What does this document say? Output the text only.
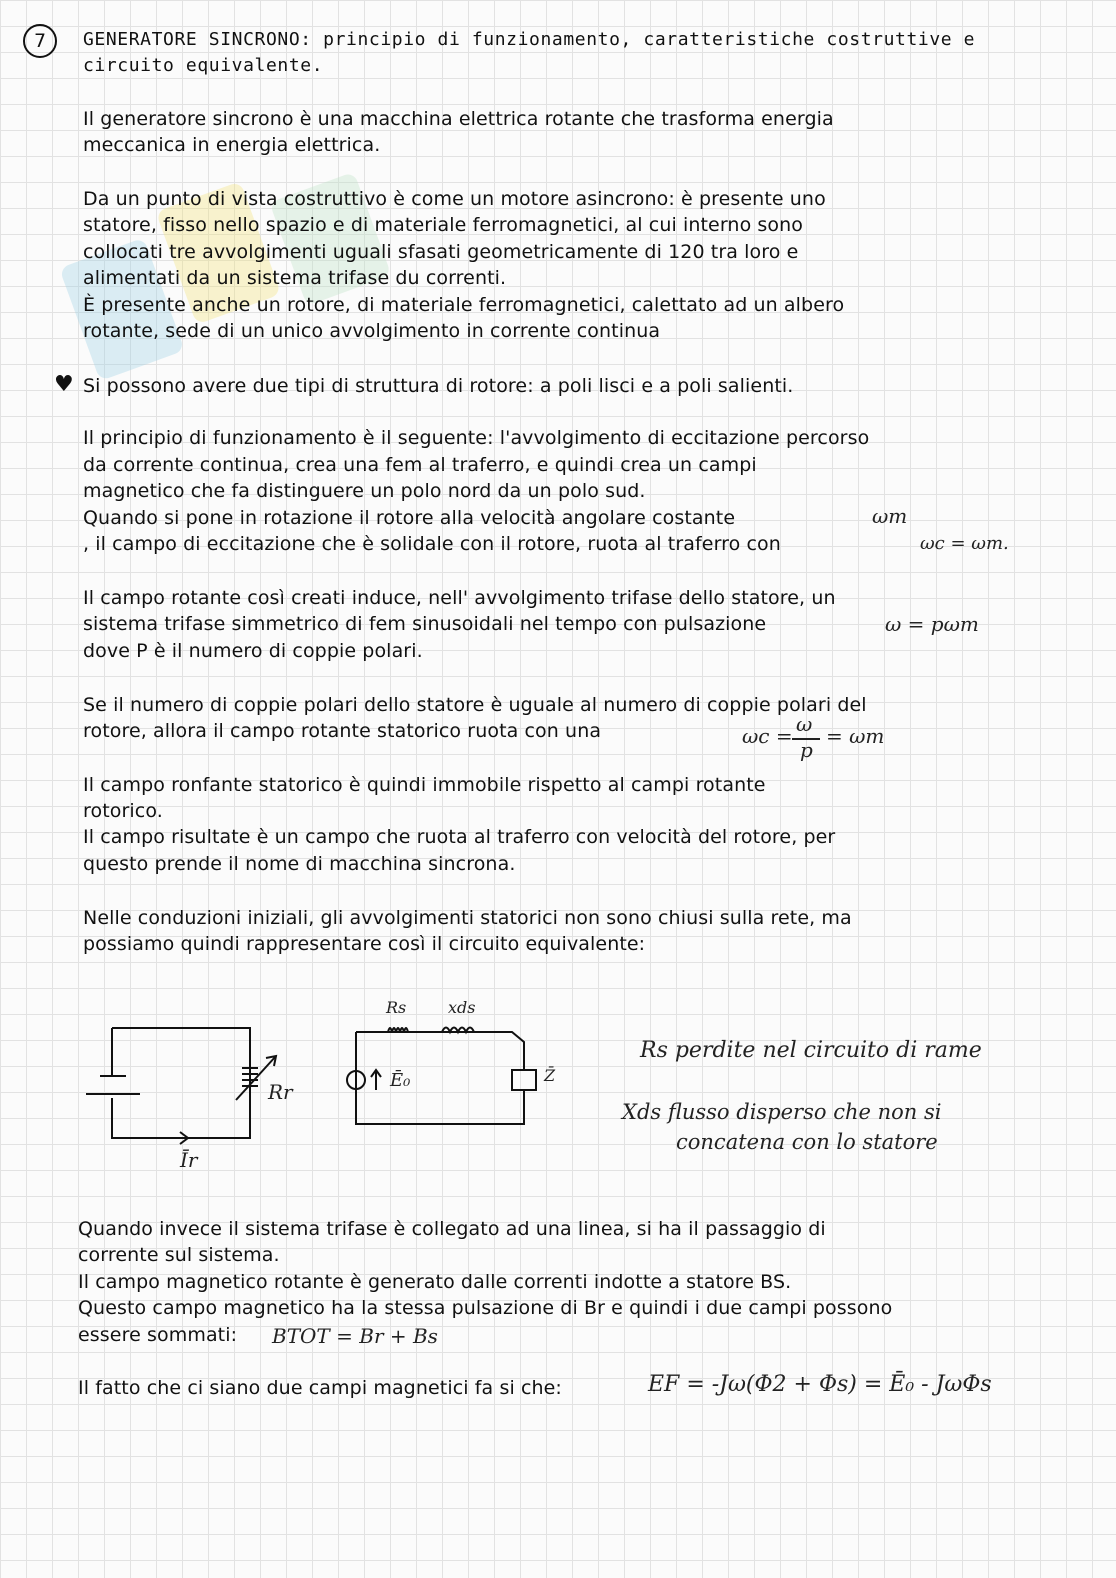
7	GENERATORE SINCRONO: principio di funzionamento, caratteristiche costruttive e

circuito equivalente.

Il generatore sincrono è una macchina elettrica rotante che trasforma energia

meccanica in energia elettrica.

Da un punto di vista costruttivo è come un motore asincrono: è presente uno

statore, fisso nello spazio e di materiale ferromagnetici, al cui interno sono

collocati tre avvolgimenti uguali sfasati geometricamente di 120 tra loro e

alimentati da un sistema trifase du correnti.

È presente anche un rotore, di materiale ferromagnetici, calettato ad un albero

rotante, sede di un unico avvolgimento in corrente continua

♥ Si possono avere due tipi di struttura di rotore: a poli lisci e a poli salienti.

Il principio di funzionamento è il seguente: l'avvolgimento di eccitazione percorso

da corrente continua, crea una fem al traferro, e quindi crea un campi

magnetico che fa distinguere un polo nord da un polo sud.

Quando si pone in rotazione il rotore alla velocità angolare costante	ωm

, il campo di eccitazione che è solidale con il rotore, ruota al traferro con	ωc = ωm.

Il campo rotante così creati induce, nell' avvolgimento trifase dello statore, un

sistema trifase simmetrico di fem sinusoidali nel tempo con pulsazione	ω = pωm

dove P è il numero di coppie polari.

Se il numero di coppie polari dello statore è uguale al numero di coppie polari del

rotore, allora il campo rotante statorico ruota con una	ωc = ω
p
= ωm

Il campo ronfante statorico è quindi immobile rispetto al campi rotante

rotorico.

Il campo risultate è un campo che ruota al traferro con velocità del rotore, per

questo prende il nome di macchina sincrona.

Nelle conduzioni iniziali, gli avvolgimenti statorici non sono chiusi sulla rete, ma

possiamo quindi rappresentare così il circuito equivalente:

Rr
Īr
Rs	xds
Ē₀	Z̄
Rs perdite nel circuito di rame
Xds flusso disperso che non si
concatena con lo statore

Quando invece il sistema trifase è collegato ad una linea, si ha il passaggio di

corrente sul sistema.

Il campo magnetico rotante è generato dalle correnti indotte a statore BS.

Questo campo magnetico ha la stessa pulsazione di Br e quindi i due campi possono

essere sommati: BTOT = Br + Bs

Il fatto che ci siano due campi magnetici fa si che:	EF = -Jω(Φ2 + Φs) = Ē₀ - JωΦs
